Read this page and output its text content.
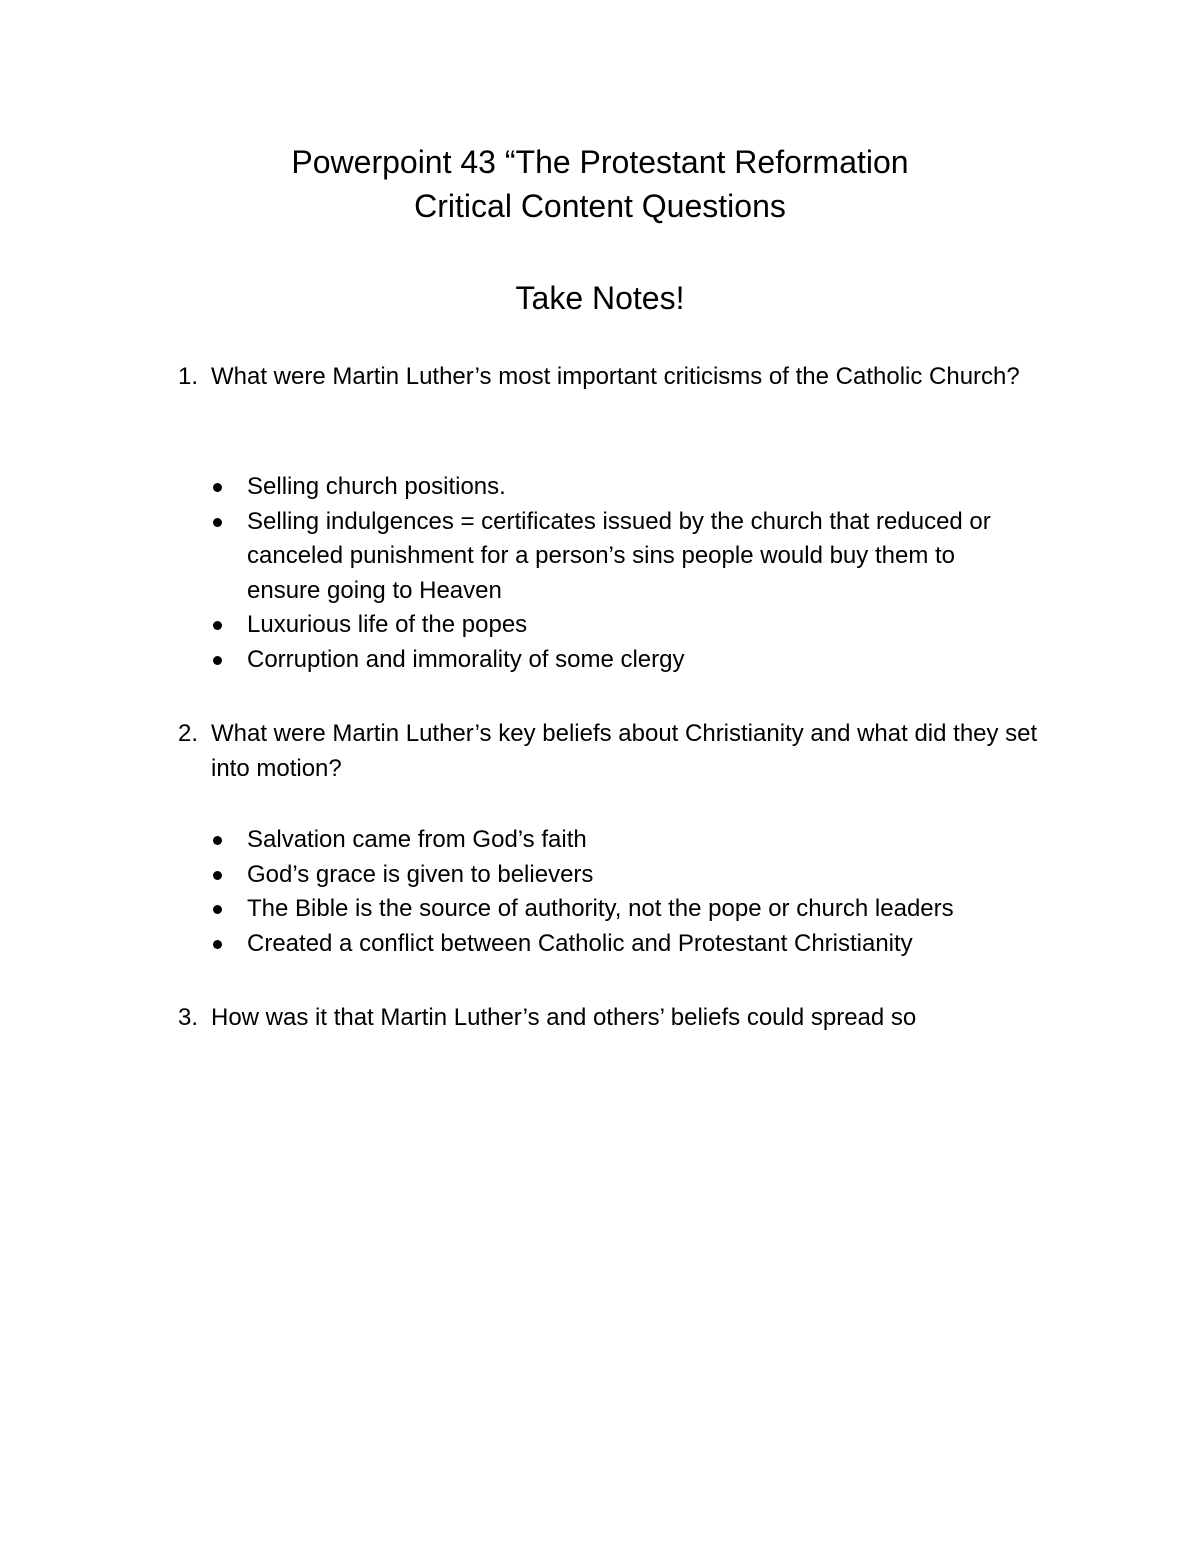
Powerpoint 43 “The Protestant Reformation
Critical Content Questions
Take Notes!
1. What were Martin Luther’s most important criticisms of the Catholic Church?
Selling church positions.
Selling indulgences = certificates issued by the church that reduced or canceled punishment for a person’s sins people would buy them to ensure going to Heaven
Luxurious life of the popes
Corruption and immorality of some clergy
2. What were Martin Luther’s key beliefs about Christianity and what did they set into motion?
Salvation came from God’s faith
God’s grace is given to believers
The Bible is the source of authority, not the pope or church leaders
Created a conflict between Catholic and Protestant Christianity
3. How was it that Martin Luther’s and others’ beliefs could spread so
